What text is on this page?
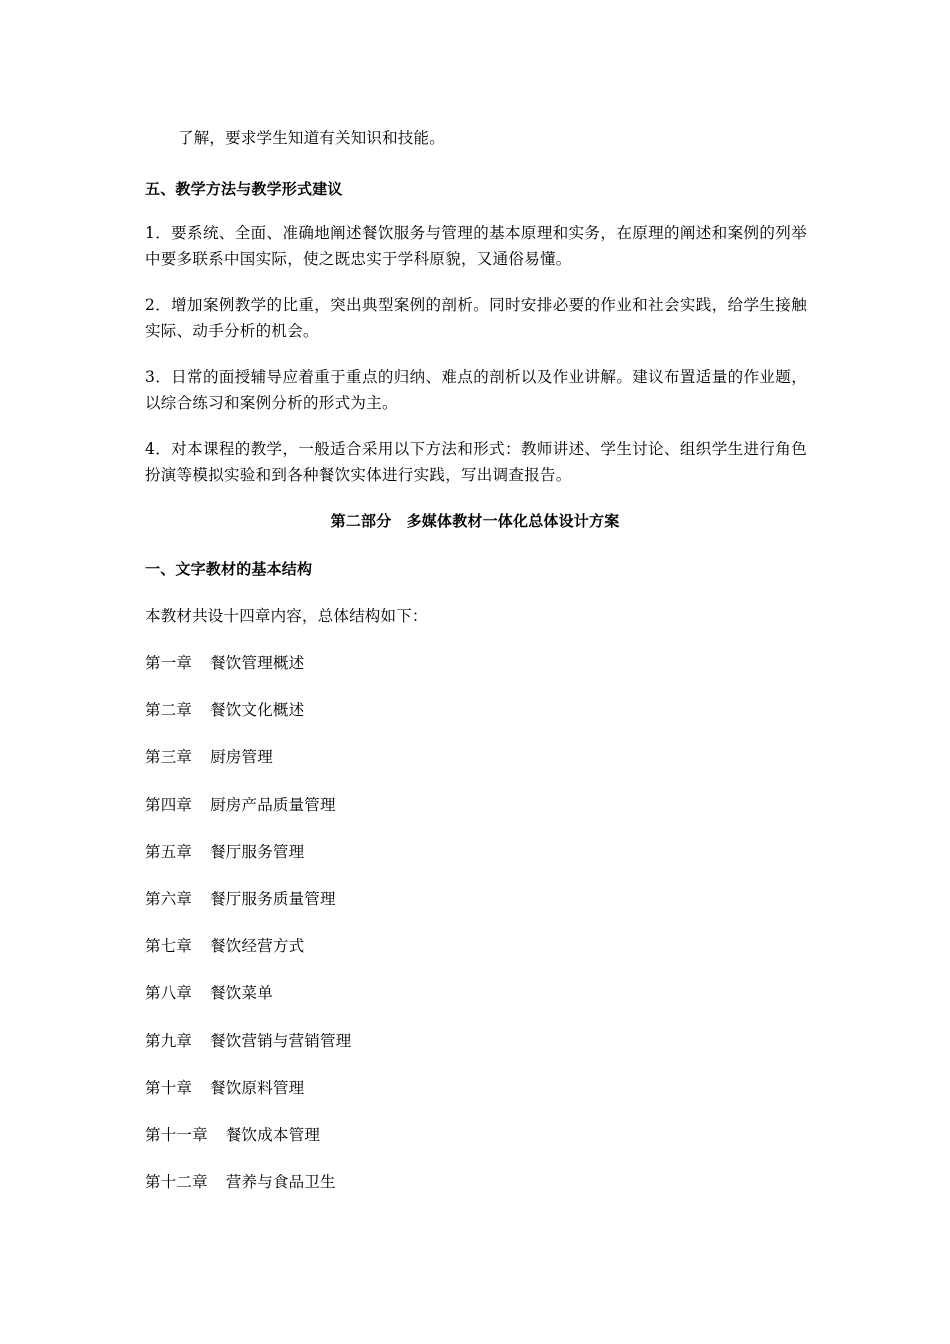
了解，要求学生知道有关知识和技能。
五、教学方法与教学形式建议
1．要系统、全面、准确地阐述餐饮服务与管理的基本原理和实务，在原理的阐述和案例的列举中要多联系中国实际，使之既忠实于学科原貌，又通俗易懂。
2．增加案例教学的比重，突出典型案例的剖析。同时安排必要的作业和社会实践，给学生接触实际、动手分析的机会。
3．日常的面授辅导应着重于重点的归纳、难点的剖析以及作业讲解。建议布置适量的作业题，以综合练习和案例分析的形式为主。
4．对本课程的教学，一般适合采用以下方法和形式：教师讲述、学生讨论、组织学生进行角色扮演等模拟实验和到各种餐饮实体进行实践，写出调查报告。
第二部分　多媒体教材一体化总体设计方案
一、文字教材的基本结构
本教材共设十四章内容，总体结构如下：
第一章 餐饮管理概述
第二章 餐饮文化概述
第三章 厨房管理
第四章 厨房产品质量管理
第五章 餐厅服务管理
第六章 餐厅服务质量管理
第七章 餐饮经营方式
第八章 餐饮菜单
第九章 餐饮营销与营销管理
第十章 餐饮原料管理
第十一章 餐饮成本管理
第十二章 营养与食品卫生
